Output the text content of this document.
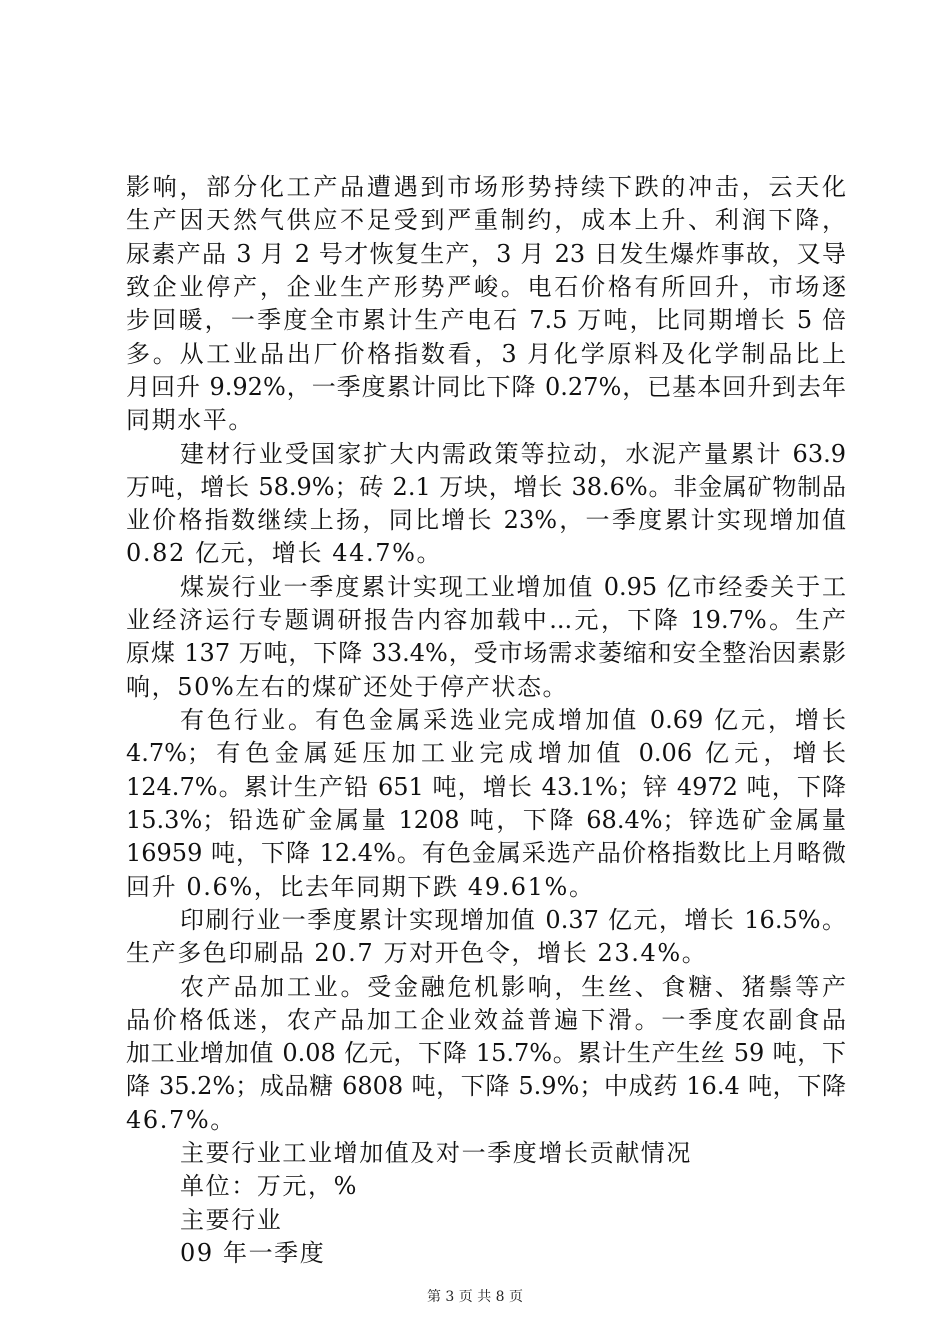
影响，部分化工产品遭遇到市场形势持续下跌的冲击，云天化
生产因天然气供应不足受到严重制约，成本上升、利润下降，
尿素产品 3 月 2 号才恢复生产，3 月 23 日发生爆炸事故，又导
致企业停产，企业生产形势严峻。电石价格有所回升，市场逐
步回暖，一季度全市累计生产电石 7.5 万吨，比同期增长 5 倍
多。从工业品出厂价格指数看，3 月化学原料及化学制品比上
月回升 9.92%，一季度累计同比下降 0.27%，已基本回升到去年
同期水平。
建材行业受国家扩大内需政策等拉动，水泥产量累计 63.9
万吨，增长 58.9%；砖 2.1 万块，增长 38.6%。非金属矿物制品
业价格指数继续上扬，同比增长 23%，一季度累计实现增加值
0.82 亿元，增长 44.7%。
煤炭行业一季度累计实现工业增加值 0.95 亿市经委关于工
业经济运行专题调研报告内容加载中...元，下降 19.7%。生产
原煤 137 万吨，下降 33.4%，受市场需求萎缩和安全整治因素影
响，50%左右的煤矿还处于停产状态。
有色行业。有色金属采选业完成增加值 0.69 亿元，增长
4.7%；有色金属延压加工业完成增加值 0.06 亿元，增长
124.7%。累计生产铅 651 吨，增长 43.1%；锌 4972 吨，下降
15.3%；铅选矿金属量 1208 吨，下降 68.4%；锌选矿金属量
16959 吨，下降 12.4%。有色金属采选产品价格指数比上月略微
回升 0.6%，比去年同期下跌 49.61%。
印刷行业一季度累计实现增加值 0.37 亿元，增长 16.5%。
生产多色印刷品 20.7 万对开色令，增长 23.4%。
农产品加工业。受金融危机影响，生丝、食糖、猪鬃等产
品价格低迷，农产品加工企业效益普遍下滑。一季度农副食品
加工业增加值 0.08 亿元，下降 15.7%。累计生产生丝 59 吨，下
降 35.2%；成品糖 6808 吨，下降 5.9%；中成药 16.4 吨，下降
46.7%。
主要行业工业增加值及对一季度增长贡献情况
单位：万元，%
第 3 页 共 8 页
主要行业
09 年一季度
